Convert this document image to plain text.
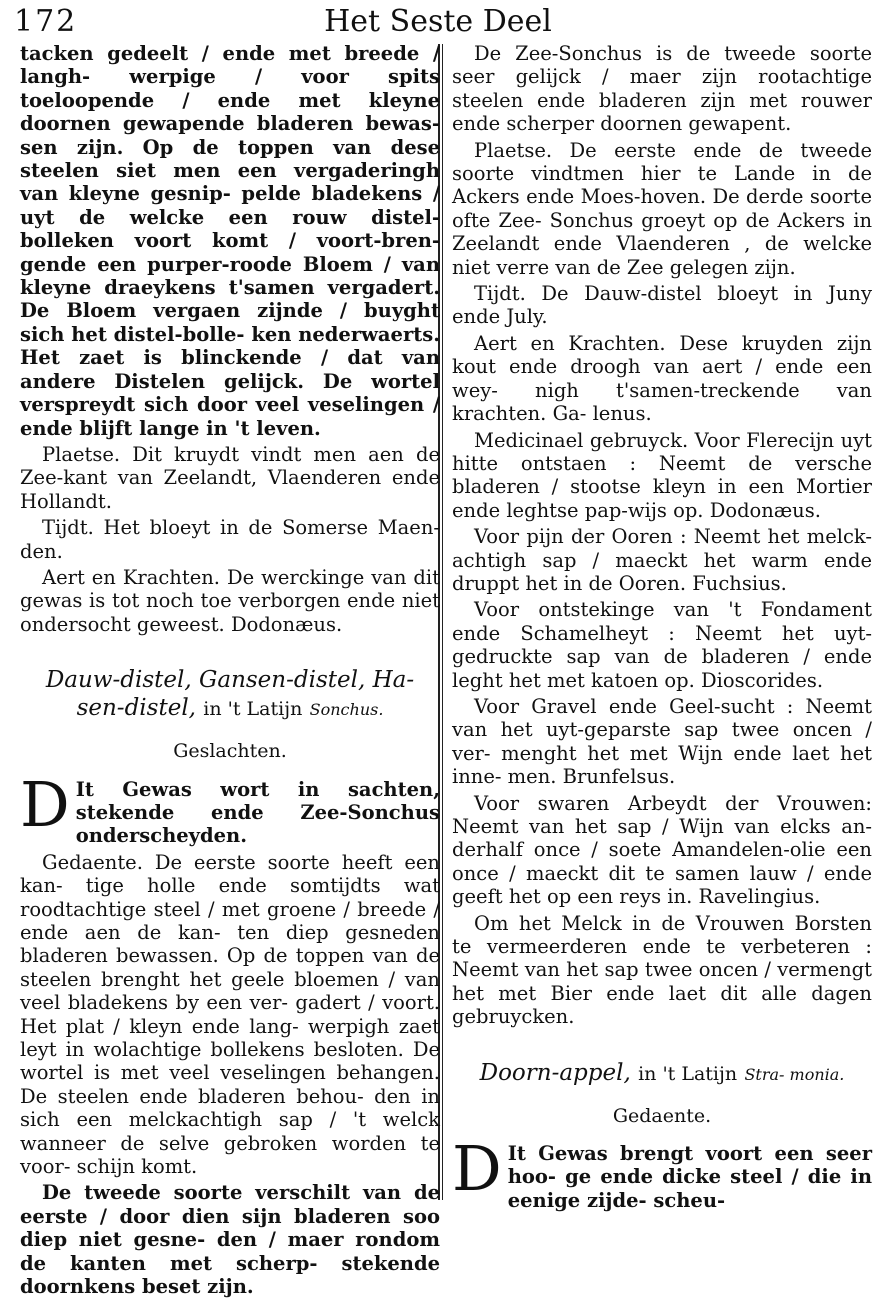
172	Het Seste Deel

tacken gedeelt / ende met breede / langh- werpige / voor spits toeloopende / ende met kleyne doornen gewapende bladeren bewas- sen zijn. Op de toppen van dese steelen siet men een vergaderingh van kleyne gesnip- pelde bladekens / uyt de welcke een rouw distel-bolleken voort komt / voort-bren- gende een purper-roode Bloem / van kleyne draeykens t'samen vergadert. De Bloem vergaen zijnde / buyght sich het distel-bolle- ken nederwaerts. Het zaet is blinckende / dat van andere Distelen gelijck. De wortel verspreydt sich door veel veselingen / ende blijft lange in 't leven.

Plaetse. Dit kruydt vindt men aen de Zee-kant van Zeelandt, Vlaenderen ende Hollandt.

Tijdt. Het bloeyt in de Somerse Maen- den.

Aert en Krachten. De werckinge van dit gewas is tot noch toe verborgen ende niet ondersocht geweest. Dodonæus.

Dauw-distel, Gansen-distel, Ha- sen-distel, in 't Latijn Sonchus.
Geslachten.

D It Gewas wort in sachten, stekende ende Zee-Sonchus onderscheyden.

Gedaente. De eerste soorte heeft een kan- tige holle ende somtijdts wat roodtachtige steel / met groene / breede / ende aen de kan- ten diep gesneden bladeren bewassen. Op de toppen van de steelen brenght het geele bloemen / van veel bladekens by een ver- gadert / voort. Het plat / kleyn ende lang- werpigh zaet leyt in wolachtige bollekens besloten. De wortel is met veel veselingen behangen. De steelen ende bladeren behou- den in sich een melckachtigh sap / 't welck wanneer de selve gebroken worden te voor- schijn komt.

De tweede soorte verschilt van de eerste / door dien sijn bladeren soo diep niet gesne- den / maer rondom de kanten met scherp- stekende doornkens beset zijn.

De Zee-Sonchus is de tweede soorte seer gelijck / maer zijn rootachtige steelen ende bladeren zijn met rouwer ende scherper doornen gewapent.

Plaetse. De eerste ende de tweede soorte vindtmen hier te Lande in de Ackers ende Moes-hoven. De derde soorte ofte Zee- Sonchus groeyt op de Ackers in Zeelandt ende Vlaenderen , de welcke niet verre van de Zee gelegen zijn.

Tijdt. De Dauw-distel bloeyt in Juny ende July.

Aert en Krachten. Dese kruyden zijn kout ende droogh van aert / ende een wey- nigh t'samen-treckende van krachten. Ga- lenus.

Medicinael gebruyck. Voor Flerecijn uyt hitte ontstaen : Neemt de versche bladeren / stootse kleyn in een Mortier ende leghtse pap-wijs op. Dodonæus.

Voor pijn der Ooren : Neemt het melck- achtigh sap / maeckt het warm ende druppt het in de Ooren. Fuchsius.

Voor ontstekinge van 't Fondament ende Schamelheyt : Neemt het uyt-gedruckte sap van de bladeren / ende leght het met katoen op. Dioscorides.

Voor Gravel ende Geel-sucht : Neemt van het uyt-geparste sap twee oncen / ver- menght het met Wijn ende laet het inne- men. Brunfelsus.

Voor swaren Arbeydt der Vrouwen: Neemt van het sap / Wijn van elcks an- derhalf once / soete Amandelen-olie een once / maeckt dit te samen lauw / ende geeft het op een reys in. Ravelingius.

Om het Melck in de Vrouwen Borsten te vermeerderen ende te verbeteren : Neemt van het sap twee oncen / vermengt het met Bier ende laet dit alle dagen gebruycken.

Doorn-appel, in 't Latijn Stra- monia.
Gedaente.

D It Gewas brengt voort een seer hoo- ge ende dicke steel / die in eenige zijde- scheu-
